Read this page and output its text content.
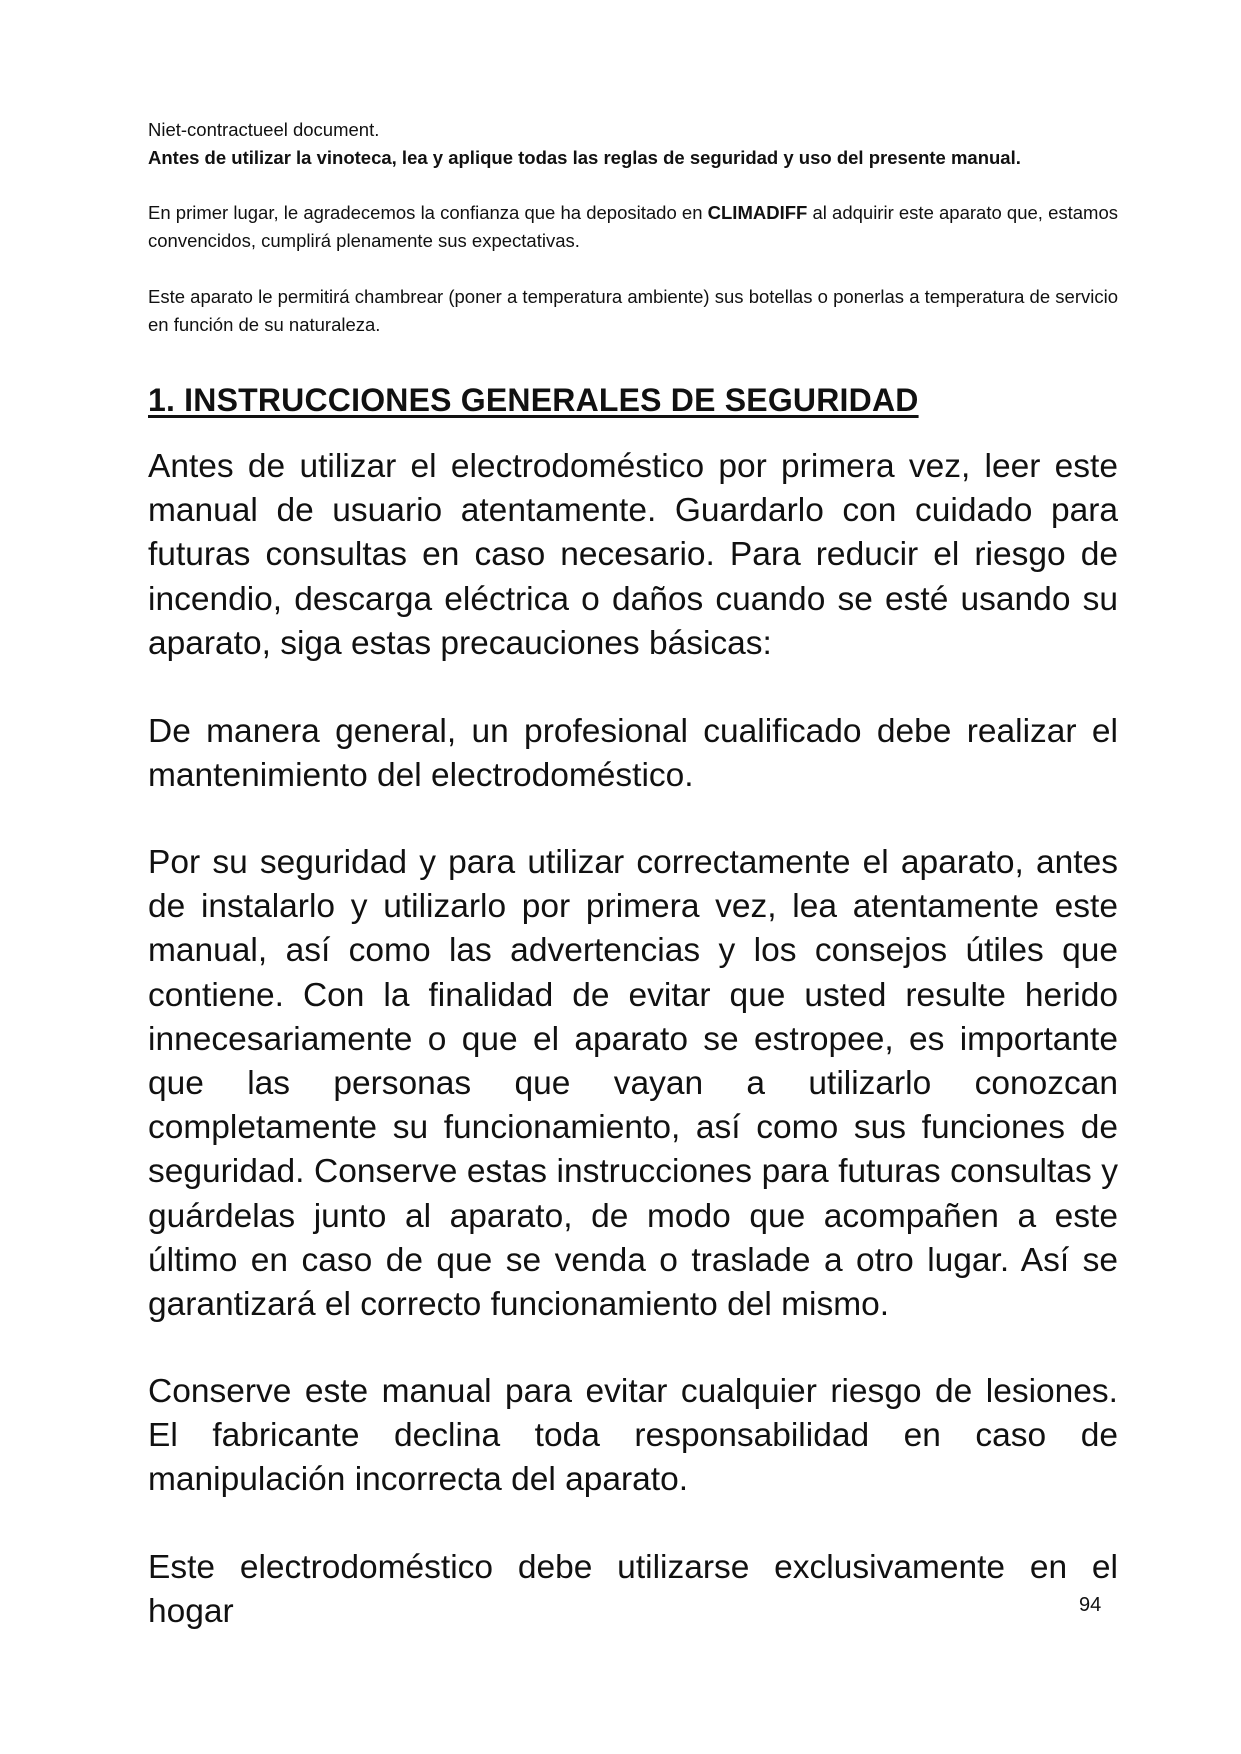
Niet-contractueel document.

Antes de utilizar la vinoteca, lea y aplique todas las reglas de seguridad y uso del presente manual.

En primer lugar, le agradecemos la confianza que ha depositado en CLIMADIFF al adquirir este aparato que, estamos convencidos, cumplirá plenamente sus expectativas.

Este aparato le permitirá chambrear (poner a temperatura ambiente) sus botellas o ponerlas a temperatura de servicio en función de su naturaleza.

1. INSTRUCCIONES GENERALES DE SEGURIDAD

Antes de utilizar el electrodoméstico por primera vez, leer este manual de usuario atentamente. Guardarlo con cuidado para futuras consultas en caso necesario. Para reducir el riesgo de incendio, descarga eléctrica o daños cuando se esté usando su aparato, siga estas precauciones básicas:

De manera general, un profesional cualificado debe realizar el mantenimiento del electrodoméstico.

Por su seguridad y para utilizar correctamente el aparato, antes de instalarlo y utilizarlo por primera vez, lea atentamente este manual, así como las advertencias y los consejos útiles que contiene. Con la finalidad de evitar que usted resulte herido innecesariamente o que el aparato se estropee, es importante que las personas que vayan a utilizarlo conozcan completamente su funcionamiento, así como sus funciones de seguridad. Conserve estas instrucciones para futuras consultas y guárdelas junto al aparato, de modo que acompañen a este último en caso de que se venda o traslade a otro lugar. Así se garantizará el correcto funcionamiento del mismo.

Conserve este manual para evitar cualquier riesgo de lesiones. El fabricante declina toda responsabilidad en caso de manipulación incorrecta del aparato.

Este electrodoméstico debe utilizarse exclusivamente en el hogar	94
